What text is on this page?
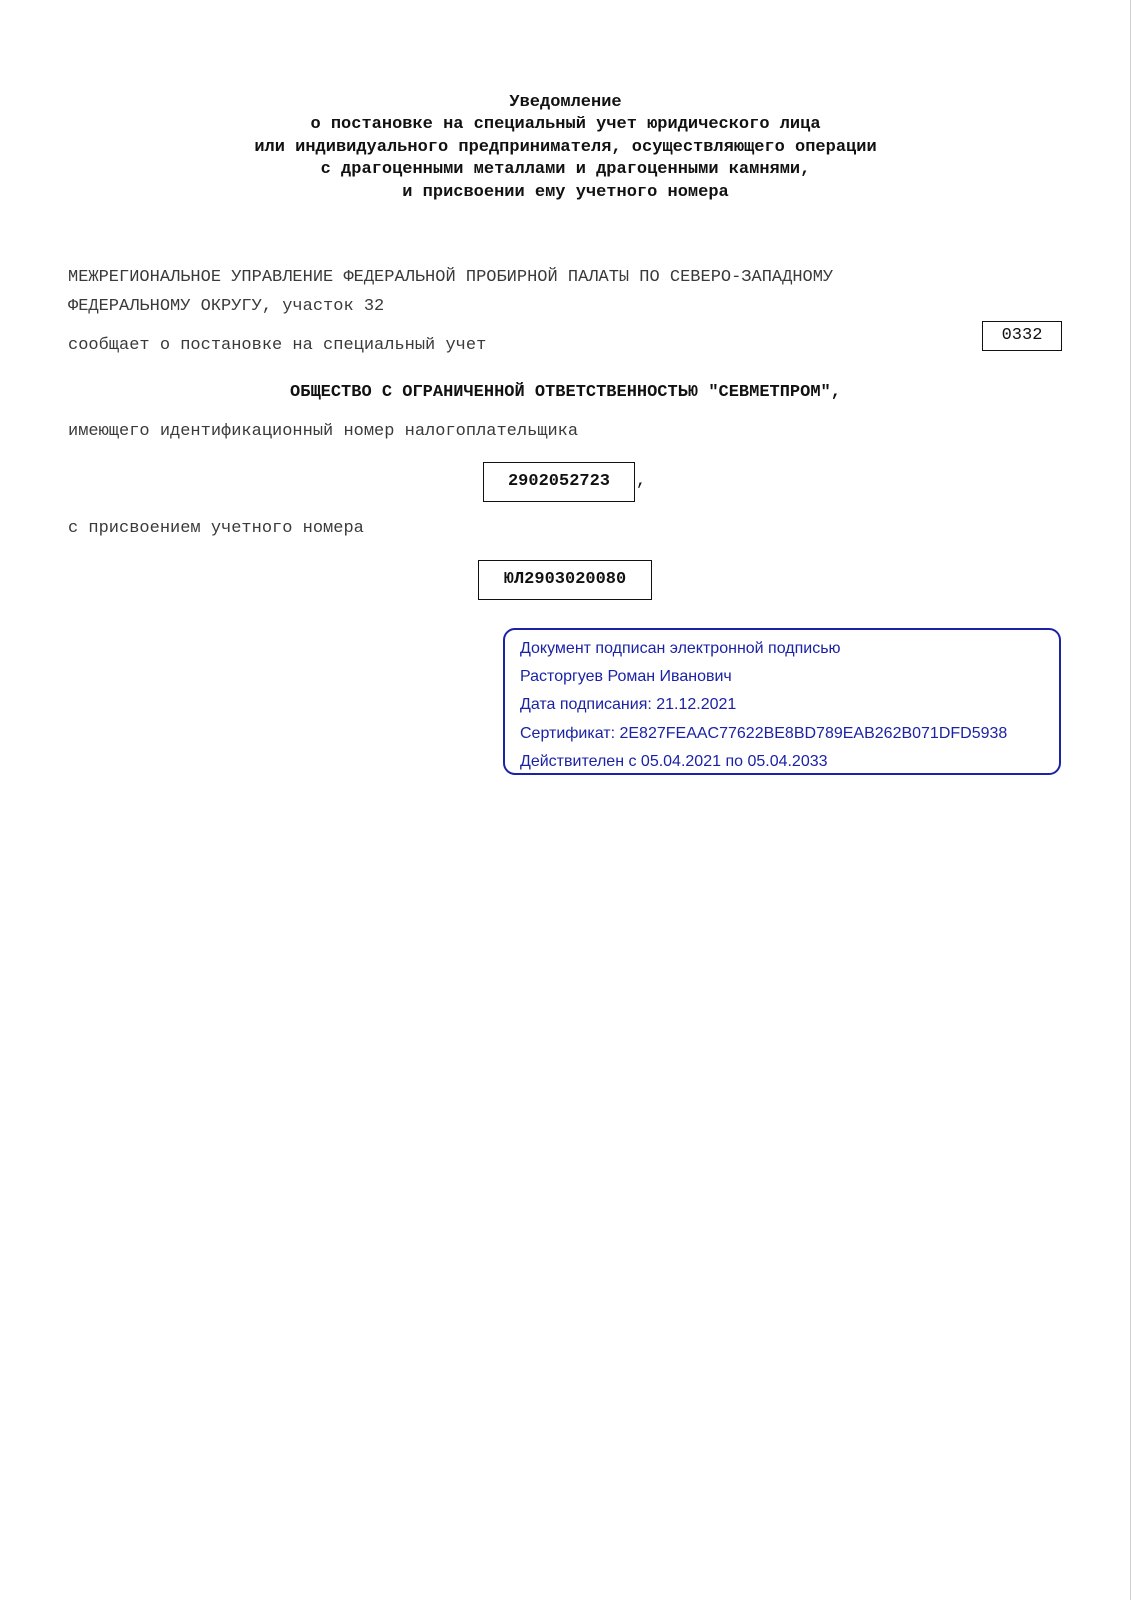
Уведомление
о постановке на специальный учет юридического лица
или индивидуального предпринимателя, осуществляющего операции
с драгоценными металлами и драгоценными камнями,
и присвоении ему учетного номера
МЕЖРЕГИОНАЛЬНОЕ УПРАВЛЕНИЕ ФЕДЕРАЛЬНОЙ ПРОБИРНОЙ ПАЛАТЫ ПО СЕВЕРО-ЗАПАДНОМУ
ФЕДЕРАЛЬНОМУ ОКРУГУ, участок 32
0332
сообщает о постановке на специальный учет
ОБЩЕСТВО С ОГРАНИЧЕННОЙ ОТВЕТСТВЕННОСТЬЮ "СЕВМЕТПРОМ",
имеющего идентификационный номер налогоплательщика
2902052723	,
с присвоением учетного номера
ЮЛ2903020080
Документ подписан электронной подписью
Расторгуев Роман Иванович
Дата подписания: 21.12.2021
Сертификат: 2E827FEAAC77622BE8BD789EAB262B071DFD5938
Действителен с 05.04.2021 по 05.04.2033
